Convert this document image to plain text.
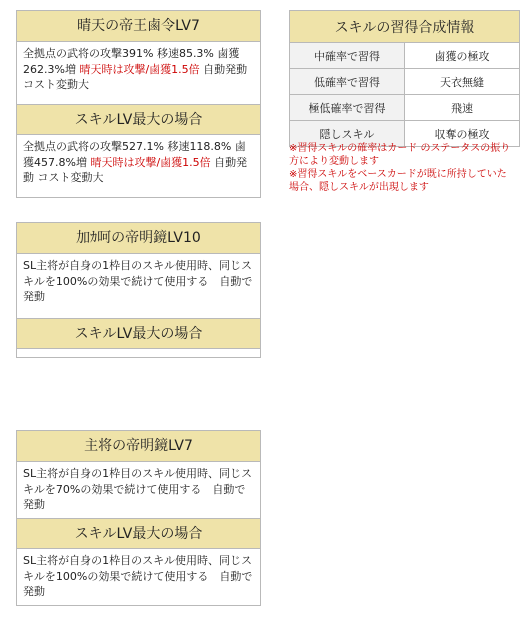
晴天の帝王鹵令LV7
全拠点の武将の攻撃391% 移速85.3% 鹵獲262.3%増 晴天時は攻撃/鹵獲1.5倍 自動発動 コスト変動大
スキルLV最大の場合
全拠点の武将の攻撃527.1% 移速118.8% 鹵獲457.8%増 晴天時は攻撃/鹵獲1.5倍 自動発動 コスト変動大
スキルの習得合成情報	
中確率で習得	鹵獲の極攻
低確率で習得	天衣無縫
極低確率で習得	飛速
隠しスキル	収奪の極攻
※習得スキルの確率はカード のステータスの振り方により変動します
※習得スキルをベースカードが既に所持していた場合、隠しスキルが出現します
加ｶ呵の帝明鏡LV10
SL主将が自身の1枠目のスキル使用時、同じスキルを100%の効果で続けて使用する　自動で発動
スキルLV最大の場合
主将の帝明鏡LV7
SL主将が自身の1枠目のスキル使用時、同じスキルを70%の効果で続けて使用する　自動で発動
スキルLV最大の場合
SL主将が自身の1枠目のスキル使用時、同じスキルを100%の効果で続けて使用する　自動で発動
